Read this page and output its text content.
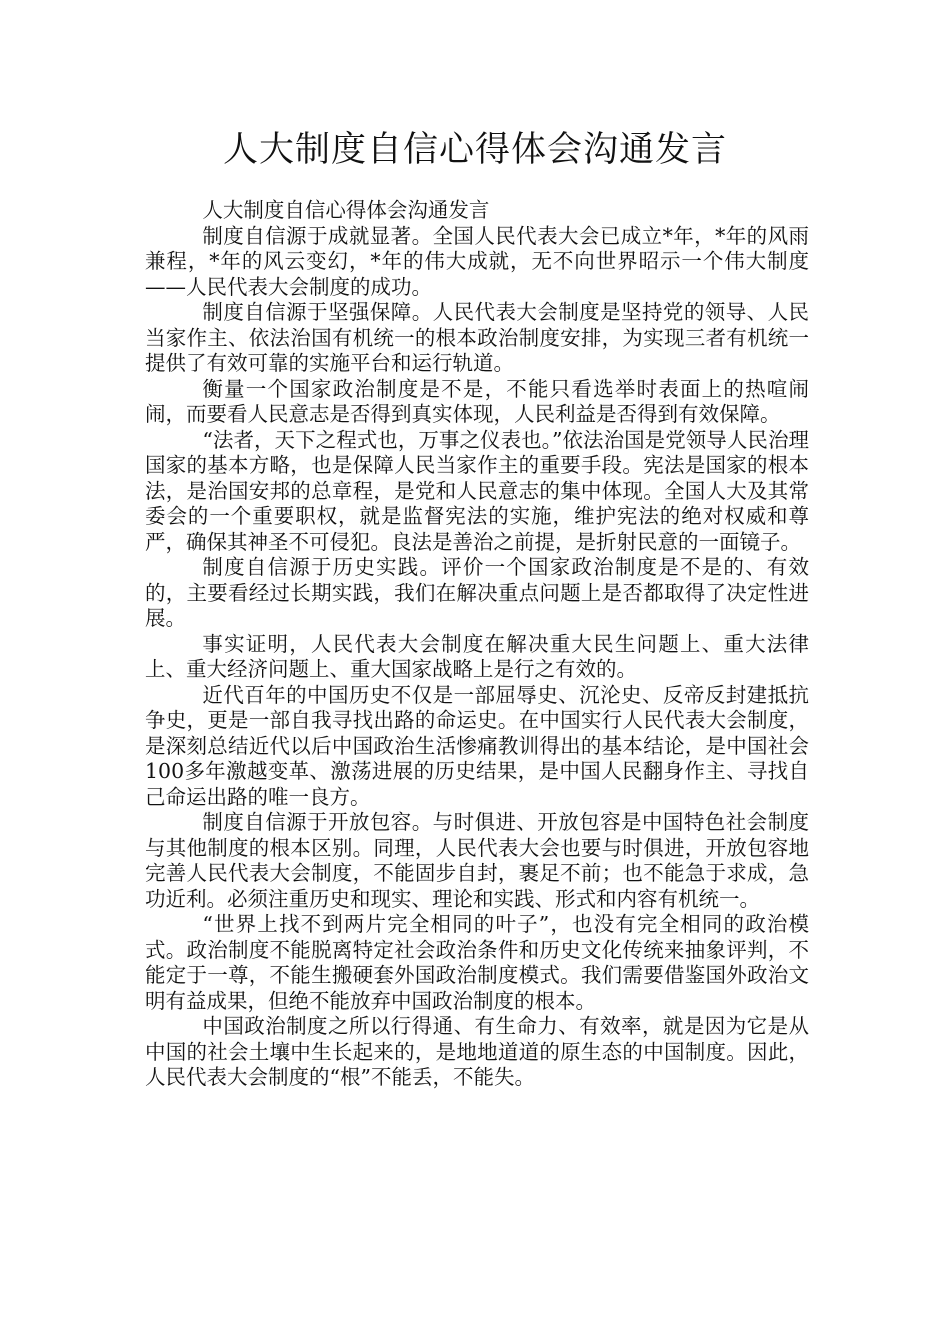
人大制度自信心得体会沟通发言

人大制度自信心得体会沟通发言

制度自信源于成就显著。全国人民代表大会已成立*年，*年的风雨兼程，*年的风云变幻，*年的伟大成就，无不向世界昭示一个伟大制度——人民代表大会制度的成功。

制度自信源于坚强保障。人民代表大会制度是坚持党的领导、人民当家作主、依法治国有机统一的根本政治制度安排，为实现三者有机统一提供了有效可靠的实施平台和运行轨道。

衡量一个国家政治制度是不是，不能只看选举时表面上的热喧闹闹，而要看人民意志是否得到真实体现，人民利益是否得到有效保障。

“法者，天下之程式也，万事之仪表也。”依法治国是党领导人民治理国家的基本方略，也是保障人民当家作主的重要手段。宪法是国家的根本法，是治国安邦的总章程，是党和人民意志的集中体现。全国人大及其常委会的一个重要职权，就是监督宪法的实施，维护宪法的绝对权威和尊严，确保其神圣不可侵犯。良法是善治之前提，是折射民意的一面镜子。

制度自信源于历史实践。评价一个国家政治制度是不是的、有效的，主要看经过长期实践，我们在解决重点问题上是否都取得了决定性进展。

事实证明，人民代表大会制度在解决重大民生问题上、重大法律上、重大经济问题上、重大国家战略上是行之有效的。

近代百年的中国历史不仅是一部屈辱史、沉沦史、反帝反封建抵抗争史，更是一部自我寻找出路的命运史。在中国实行人民代表大会制度，是深刻总结近代以后中国政治生活惨痛教训得出的基本结论，是中国社会100多年激越变革、激荡进展的历史结果，是中国人民翻身作主、寻找自己命运出路的唯一良方。

制度自信源于开放包容。与时俱进、开放包容是中国特色社会制度与其他制度的根本区别。同理，人民代表大会也要与时俱进，开放包容地完善人民代表大会制度，不能固步自封，裹足不前；也不能急于求成，急功近利。必须注重历史和现实、理论和实践、形式和内容有机统一。

“世界上找不到两片完全相同的叶子”，也没有完全相同的政治模式。政治制度不能脱离特定社会政治条件和历史文化传统来抽象评判，不能定于一尊，不能生搬硬套外国政治制度模式。我们需要借鉴国外政治文明有益成果，但绝不能放弃中国政治制度的根本。

中国政治制度之所以行得通、有生命力、有效率，就是因为它是从中国的社会土壤中生长起来的，是地地道道的原生态的中国制度。因此，人民代表大会制度的“根”不能丢，不能失。
